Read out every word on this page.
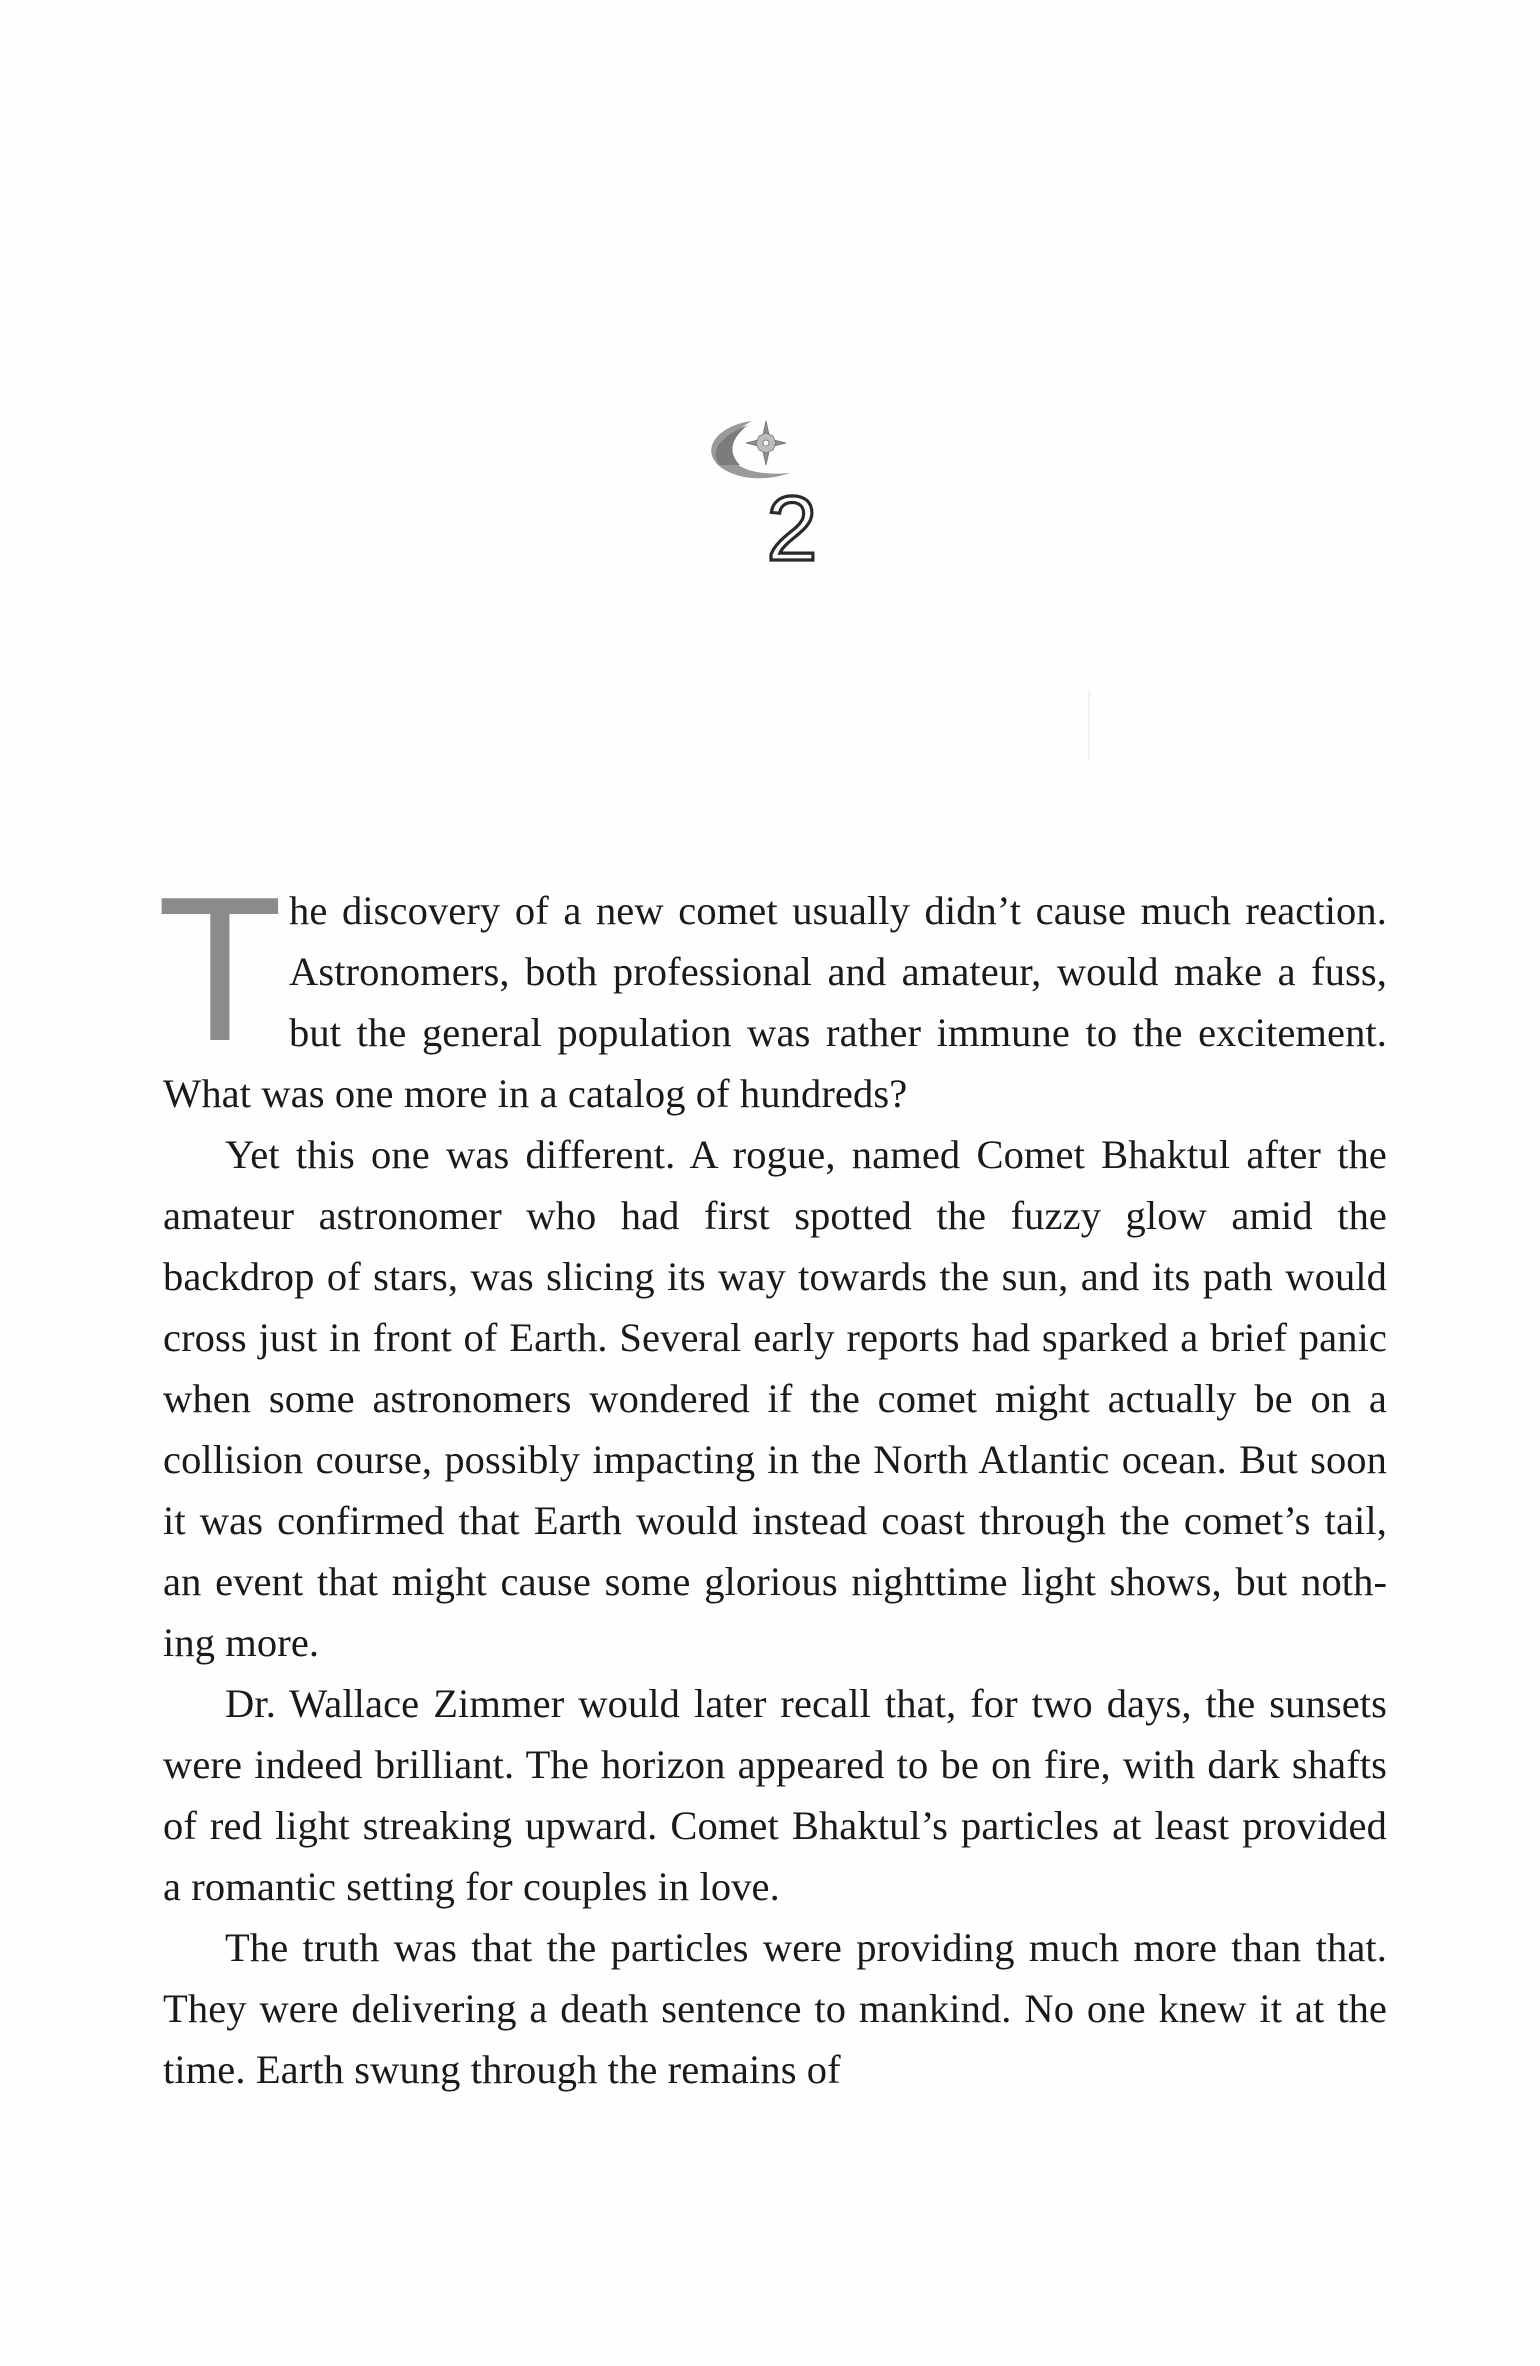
2

T he discovery of a new comet usually didn’t cause much reaction. Astronomers, both professional and amateur, would make a fuss, but the general population was rather immune to the excitement. What was one more in a catalog of hundreds?

Yet this one was different. A rogue, named Comet Bhaktul after the amateur astronomer who had first spotted the fuzzy glow amid the backdrop of stars, was slicing its way towards the sun, and its path would cross just in front of Earth. Several early reports had sparked a brief panic when some astronomers wondered if the comet might actually be on a collision course, possibly impacting in the North Atlantic ocean. But soon it was confirmed that Earth would instead coast through the comet’s tail, an event that might cause some glorious nighttime light shows, but nothing more.

Dr. Wallace Zimmer would later recall that, for two days, the sunsets were indeed brilliant. The horizon appeared to be on fire, with dark shafts of red light streaking upward. Comet Bhaktul’s particles at least provided a romantic setting for couples in love.

The truth was that the particles were providing much more than that. They were delivering a death sentence to mankind. No one knew it at the time. Earth swung through the remains of
